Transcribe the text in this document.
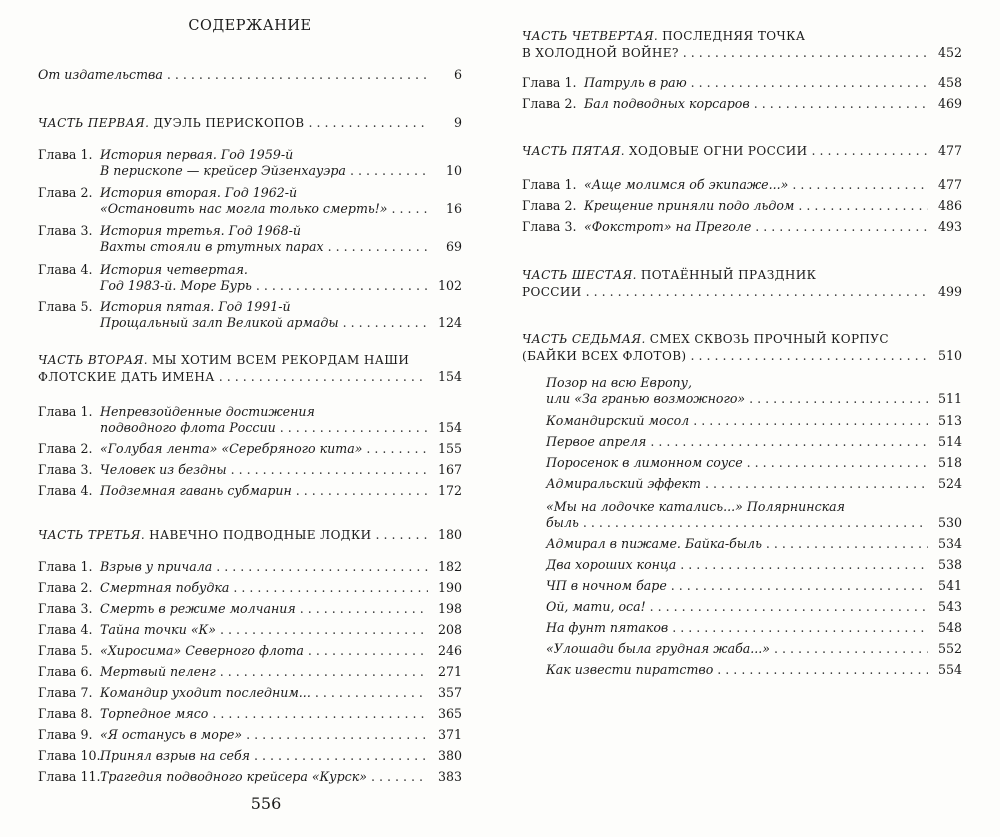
СОДЕРЖАНИЕ
От издательства . . .	6
ЧАСТЬ ПЕРВАЯ. ДУЭЛЬ ПЕРИСКОПОВ . . .	9
Глава 1. История первая. Год 1959-й
В перископе — крейсер Эйзенхауэра . . .	10
Глава 2. История вторая. Год 1962-й
«Остановить нас могла только смерть!» . . .	16
Глава 3. История третья. Год 1968-й
Вахты стояли в ртутных парах . . .	69
Глава 4. История четвертая.
Год 1983-й. Море Бурь . . .	102
Глава 5. История пятая. Год 1991-й
Прощальный залп Великой армады . . .	124
ЧАСТЬ ВТОРАЯ. МЫ ХОТИМ ВСЕМ РЕКОРДАМ НАШИ
ФЛОТСКИЕ ДАТЬ ИМЕНА . . .	154
Глава 1. Непревзойденные достижения
подводного флота России . . .	154
Глава 2. «Голубая лента» «Серебряного кита» . . .	155
Глава 3. Человек из бездны . . .	167
Глава 4. Подземная гавань субмарин . . .	172
ЧАСТЬ ТРЕТЬЯ. НАВЕЧНО ПОДВОДНЫЕ ЛОДКИ . . .	180
Глава 1. Взрыв у причала . . .	182
Глава 2. Смертная побудка . . .	190
Глава 3. Смерть в режиме молчания . . .	198
Глава 4. Тайна точки «К» . . .	208
Глава 5. «Хиросима» Северного флота . . .	246
Глава 6. Мертвый пеленг . . .	271
Глава 7. Командир уходит последним... . . .	357
Глава 8. Торпедное мясо . . .	365
Глава 9. «Я останусь в море» . . .	371
Глава 10. Принял взрыв на себя . . .	380
Глава 11. Трагедия подводного крейсера «Курск» . . .	383
556
ЧАСТЬ ЧЕТВЕРТАЯ. ПОСЛЕДНЯЯ ТОЧКА
В ХОЛОДНОЙ ВОЙНЕ? . . .	452
Глава 1. Патруль в раю . . .	458
Глава 2. Бал подводных корсаров . . .	469
ЧАСТЬ ПЯТАЯ. ХОДОВЫЕ ОГНИ РОССИИ . . .	477
Глава 1. «Аще молимся об экипаже...» . . .	477
Глава 2. Крещение приняли подо льдом . . .	486
Глава 3. «Фокстрот» на Преголе . . .	493
ЧАСТЬ ШЕСТАЯ. ПОТАЁННЫЙ ПРАЗДНИК
РОССИИ . . .	499
ЧАСТЬ СЕДЬМАЯ. СМЕХ СКВОЗЬ ПРОЧНЫЙ КОРПУС
(БАЙКИ ВСЕХ ФЛОТОВ) . . .	510
Позор на всю Европу,
или «За гранью возможного» . . .	511
Командирский мосол . . .	513
Первое апреля . . .	514
Поросенок в лимонном соусе . . .	518
Адмиральский эффект . . .	524
«Мы на лодочке катались...» Полярнинская
быль . . .	530
Адмирал в пижаме. Байка-быль . . .	534
Два хороших конца . . .	538
ЧП в ночном баре . . .	541
Ой, мати, оса! . . .	543
На фунт пятаков . . .	548
«Улошади была грудная жаба...» . . .	552
Как извести пиратство . . .	554
